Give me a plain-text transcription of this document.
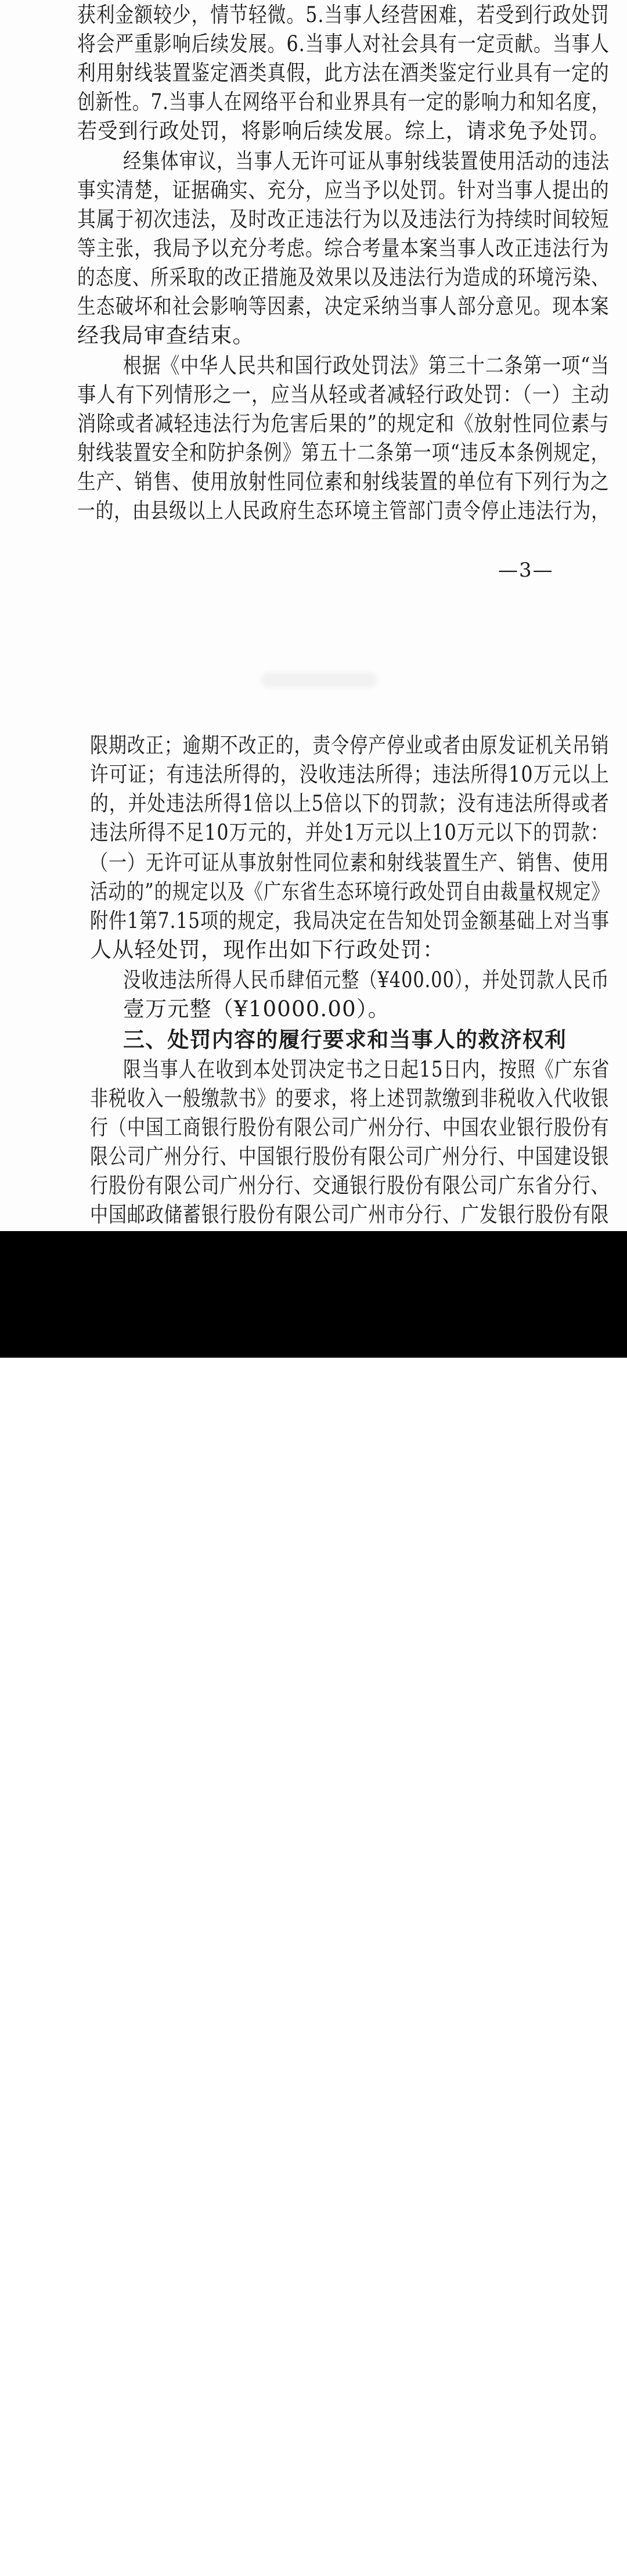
获利金额较少，情节轻微。5.当事人经营困难，若受到行政处罚
将会严重影响后续发展。6.当事人对社会具有一定贡献。当事人
利用射线装置鉴定酒类真假，此方法在酒类鉴定行业具有一定的
创新性。7.当事人在网络平台和业界具有一定的影响力和知名度，
若受到行政处罚，将影响后续发展。综上，请求免予处罚。
经集体审议，当事人无许可证从事射线装置使用活动的违法
事实清楚，证据确实、充分，应当予以处罚。针对当事人提出的
其属于初次违法，及时改正违法行为以及违法行为持续时间较短
等主张，我局予以充分考虑。综合考量本案当事人改正违法行为
的态度、所采取的改正措施及效果以及违法行为造成的环境污染、
生态破坏和社会影响等因素，决定采纳当事人部分意见。现本案
经我局审查结束。
根据《中华人民共和国行政处罚法》第三十二条第一项“当
事人有下列情形之一，应当从轻或者减轻行政处罚：（一）主动
消除或者减轻违法行为危害后果的”的规定和《放射性同位素与
射线装置安全和防护条例》第五十二条第一项“违反本条例规定，
生产、销售、使用放射性同位素和射线装置的单位有下列行为之
一的，由县级以上人民政府生态环境主管部门责令停止违法行为，
—3—
限期改正；逾期不改正的，责令停产停业或者由原发证机关吊销
许可证；有违法所得的，没收违法所得；违法所得10万元以上
的，并处违法所得1倍以上5倍以下的罚款；没有违法所得或者
违法所得不足10万元的，并处1万元以上10万元以下的罚款：
（一）无许可证从事放射性同位素和射线装置生产、销售、使用
活动的”的规定以及《广东省生态环境行政处罚自由裁量权规定》
附件1第7.15项的规定，我局决定在告知处罚金额基础上对当事
人从轻处罚，现作出如下行政处罚：
没收违法所得人民币肆佰元整（¥400.00），并处罚款人民币
壹万元整（¥10000.00）。
三、处罚内容的履行要求和当事人的救济权利
限当事人在收到本处罚决定书之日起15日内，按照《广东省
非税收入一般缴款书》的要求，将上述罚款缴到非税收入代收银
行（中国工商银行股份有限公司广州分行、中国农业银行股份有
限公司广州分行、中国银行股份有限公司广州分行、中国建设银
行股份有限公司广州分行、交通银行股份有限公司广东省分行、
中国邮政储蓄银行股份有限公司广州市分行、广发银行股份有限
